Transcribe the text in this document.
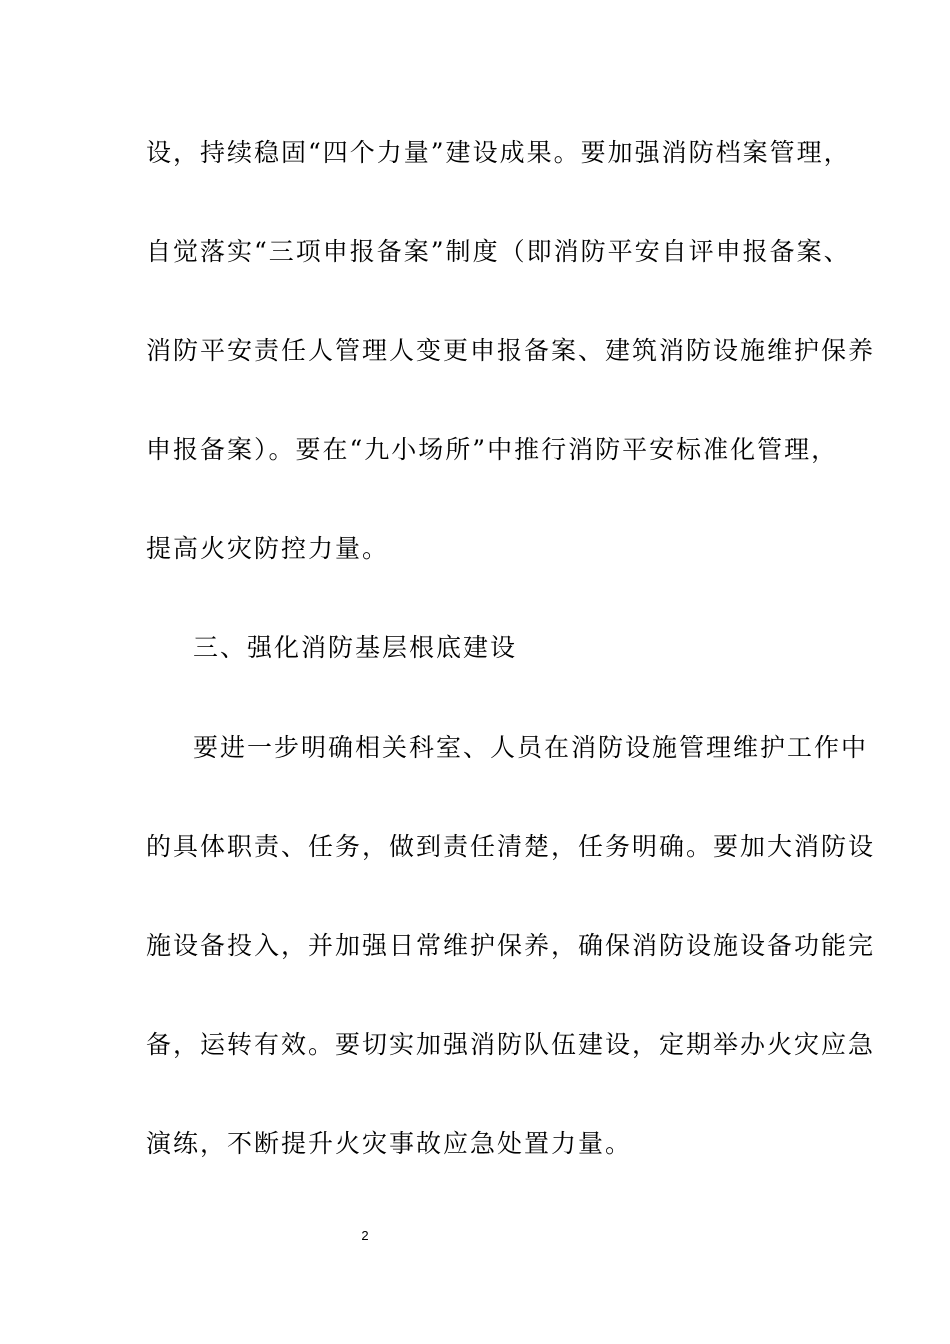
设，持续稳固“四个力量”建设成果。要加强消防档案管理，
自觉落实“三项申报备案”制度（即消防平安自评申报备案、
消防平安责任人管理人变更申报备案、建筑消防设施维护保养
申报备案）。要在“九小场所”中推行消防平安标准化管理，
提高火灾防控力量。
三、强化消防基层根底建设
要进一步明确相关科室、人员在消防设施管理维护工作中
的具体职责、任务，做到责任清楚，任务明确。要加大消防设
施设备投入，并加强日常维护保养，确保消防设施设备功能完
备，运转有效。要切实加强消防队伍建设，定期举办火灾应急
演练，不断提升火灾事故应急处置力量。
2
